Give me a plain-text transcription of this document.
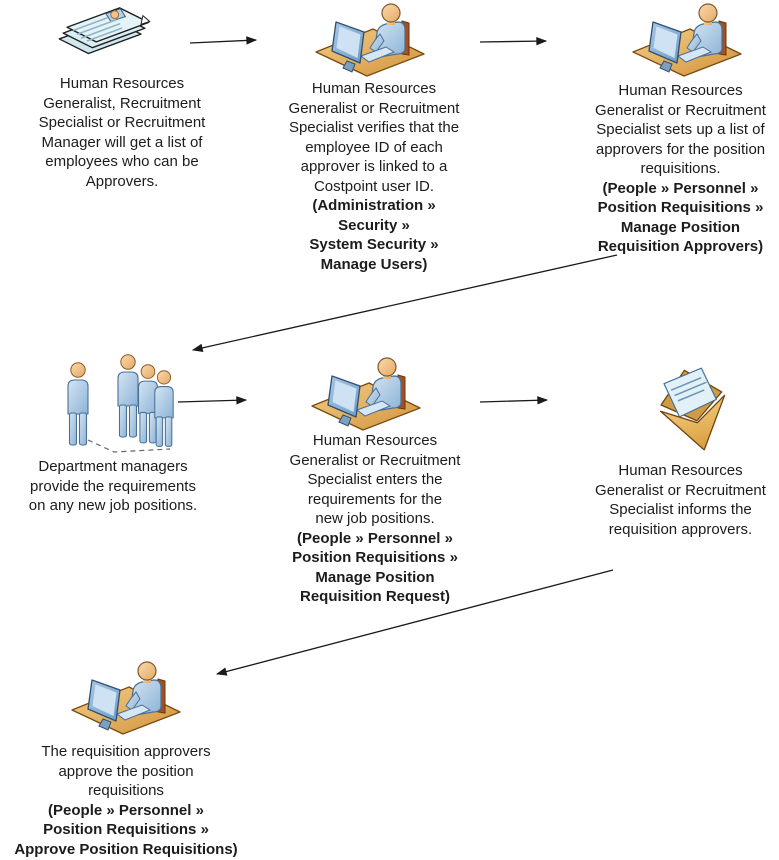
Human Resources
Generalist, Recruitment
Specialist or Recruitment
Manager will get a list of
employees who can be
Approvers.
Human Resources
Generalist or Recruitment
Specialist verifies that the
employee ID of each
approver is linked to a
Costpoint user ID.
(Administration »
Security »
System Security »
Manage Users)
Human Resources
Generalist or Recruitment
Specialist sets up a list of
approvers for the position
requisitions.
(People » Personnel »
Position Requisitions »
Manage Position
Requisition Approvers)
Department managers
provide the requirements
on any new job positions.
Human Resources
Generalist or Recruitment
Specialist enters the
requirements for the
new job positions.
(People » Personnel »
Position Requisitions »
Manage Position
Requisition Request)
Human Resources
Generalist or Recruitment
Specialist informs the
requisition approvers.
The requisition approvers
approve the position
requisitions
(People » Personnel »
Position Requisitions »
Approve Position Requisitions)
